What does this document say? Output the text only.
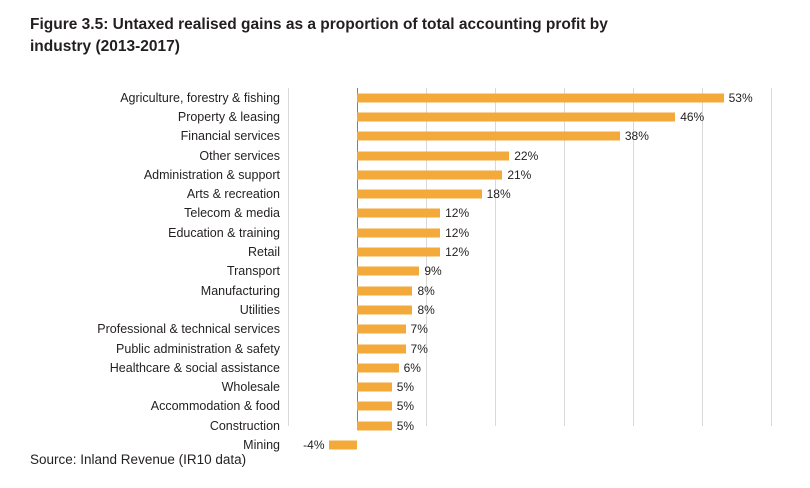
Figure 3.5: Untaxed realised gains as a proportion of total accounting profit by industry (2013-2017)
Agriculture, forestry & fishing	53%
Property & leasing	46%
Financial services	38%
Other services	22%
Administration & support	21%
Arts & recreation	18%
Telecom & media	12%
Education & training	12%
Retail	12%
Transport	9%
Manufacturing	8%
Utilities	8%
Professional & technical services	7%
Public administration & safety	7%
Healthcare & social assistance	6%
Wholesale	5%
Accommodation & food	5%
Construction	5%
Mining -4%
Source: Inland Revenue (IR10 data)
